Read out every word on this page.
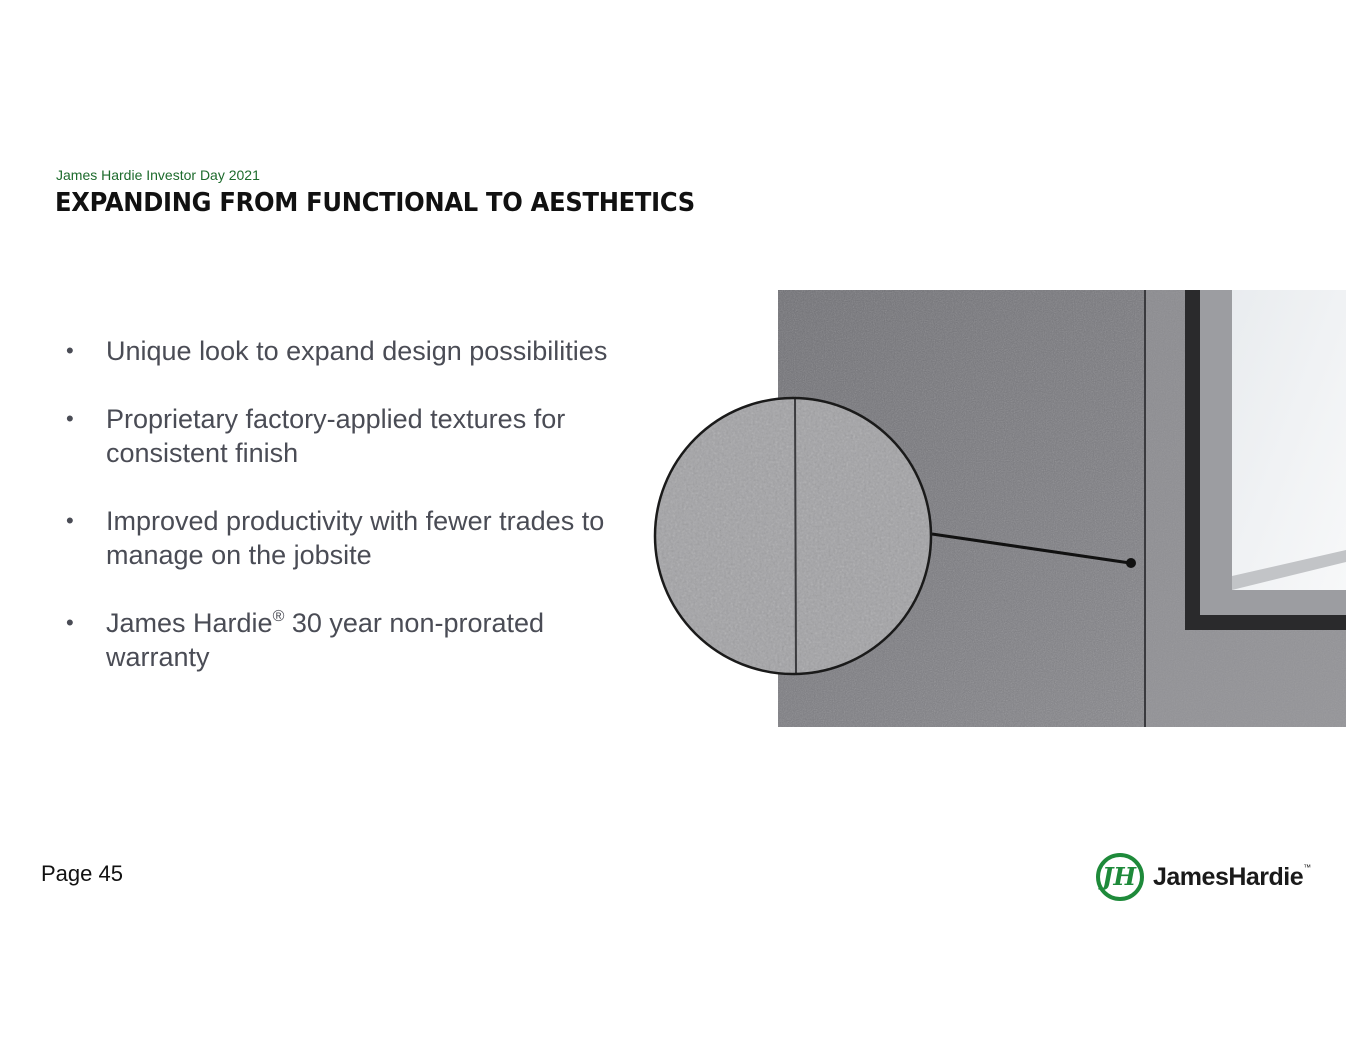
James Hardie Investor Day 2021
EXPANDING FROM FUNCTIONAL TO AESTHETICS
• Unique look to expand design possibilities
• Proprietary factory-applied textures for consistent finish
• Improved productivity with fewer trades to manage on the jobsite
• James Hardie® 30 year non-prorated warranty
Page 45	JH JamesHardie™
